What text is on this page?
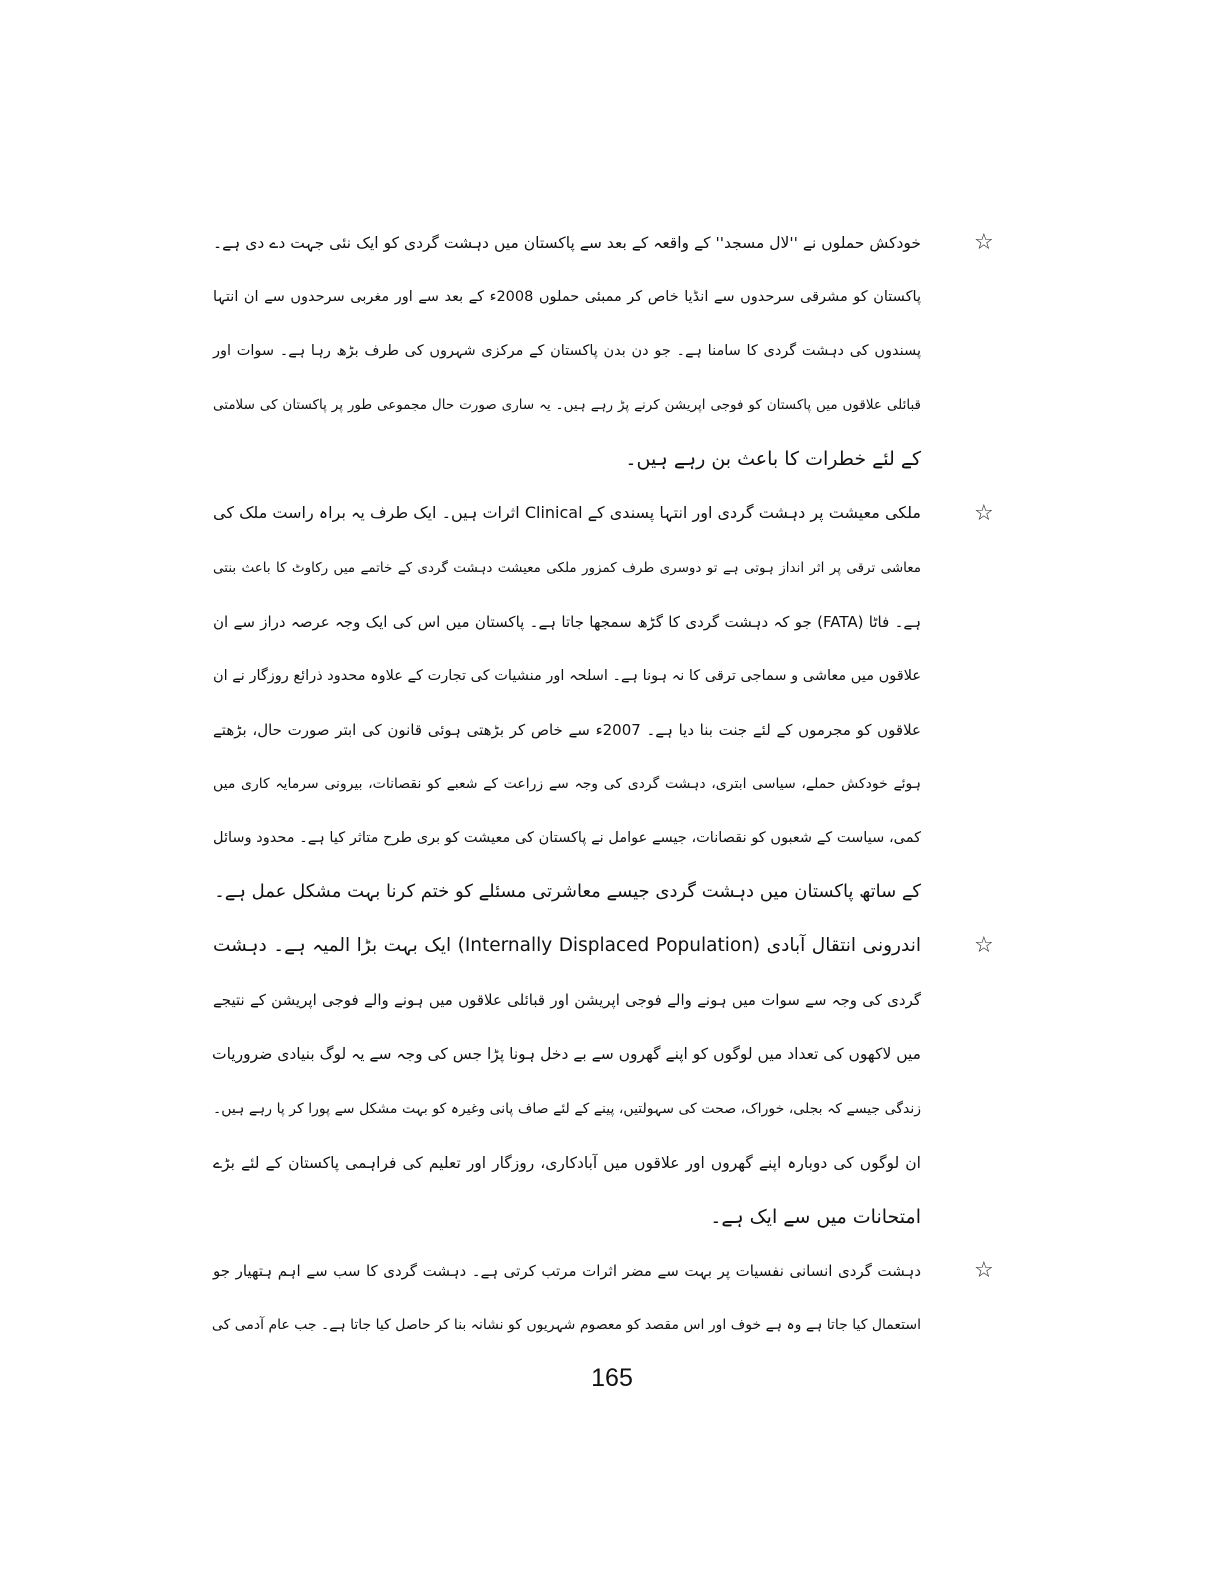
☆
☆
☆
☆
خودکش حملوں نے ''لال مسجد'' کے واقعہ کے بعد سے پاکستان میں دہشت گردی کو ایک نئی جہت دے دی ہے۔
پاکستان کو مشرقی سرحدوں سے انڈیا خاص کر ممبئی حملوں 2008ء کے بعد سے اور مغربی سرحدوں سے ان انتہا
پسندوں کی دہشت گردی کا سامنا ہے۔ جو دن بدن پاکستان کے مرکزی شہروں کی طرف بڑھ رہا ہے۔ سوات اور
قبائلی علاقوں میں پاکستان کو فوجی اپریشن کرنے پڑ رہے ہیں۔ یہ ساری صورت حال مجموعی طور پر پاکستان کی سلامتی
کے لئے خطرات کا باعث بن رہے ہیں۔
ملکی معیشت پر دہشت گردی اور انتہا پسندی کے Clinical اثرات ہیں۔ ایک طرف یہ براہ راست ملک کی
معاشی ترقی پر اثر انداز ہوتی ہے تو دوسری طرف کمزور ملکی معیشت دہشت گردی کے خاتمے میں رکاوٹ کا باعث بنتی
ہے۔ فاٹا (FATA) جو کہ دہشت گردی کا گڑھ سمجھا جاتا ہے۔ پاکستان میں اس کی ایک وجہ عرصہ دراز سے ان
علاقوں میں معاشی و سماجی ترقی کا نہ ہونا ہے۔ اسلحہ اور منشیات کی تجارت کے علاوہ محدود ذرائع روزگار نے ان
علاقوں کو مجرموں کے لئے جنت بنا دیا ہے۔ 2007ء سے خاص کر بڑھتی ہوئی قانون کی ابتر صورت حال، بڑھتے
ہوئے خودکش حملے، سیاسی ابتری، دہشت گردی کی وجہ سے زراعت کے شعبے کو نقصانات، بیرونی سرمایہ کاری میں
کمی، سیاست کے شعبوں کو نقصانات، جیسے عوامل نے پاکستان کی معیشت کو بری طرح متاثر کیا ہے۔ محدود وسائل
کے ساتھ پاکستان میں دہشت گردی جیسے معاشرتی مسئلے کو ختم کرنا بہت مشکل عمل ہے۔
اندرونی انتقال آبادی (Internally Displaced Population) ایک بہت بڑا المیہ ہے۔ دہشت
گردی کی وجہ سے سوات میں ہونے والے فوجی اپریشن اور قبائلی علاقوں میں ہونے والے فوجی اپریشن کے نتیجے
میں لاکھوں کی تعداد میں لوگوں کو اپنے گھروں سے بے دخل ہونا پڑا جس کی وجہ سے یہ لوگ بنیادی ضروریات
زندگی جیسے کہ بجلی، خوراک، صحت کی سہولتیں، پینے کے لئے صاف پانی وغیرہ کو بہت مشکل سے پورا کر پا رہے ہیں۔
ان لوگوں کی دوبارہ اپنے گھروں اور علاقوں میں آبادکاری، روزگار اور تعلیم کی فراہمی پاکستان کے لئے بڑے
امتحانات میں سے ایک ہے۔
دہشت گردی انسانی نفسیات پر بہت سے مضر اثرات مرتب کرتی ہے۔ دہشت گردی کا سب سے اہم ہتھیار جو
استعمال کیا جاتا ہے وہ ہے خوف اور اس مقصد کو معصوم شہریوں کو نشانہ بنا کر حاصل کیا جاتا ہے۔ جب عام آدمی کی
165
